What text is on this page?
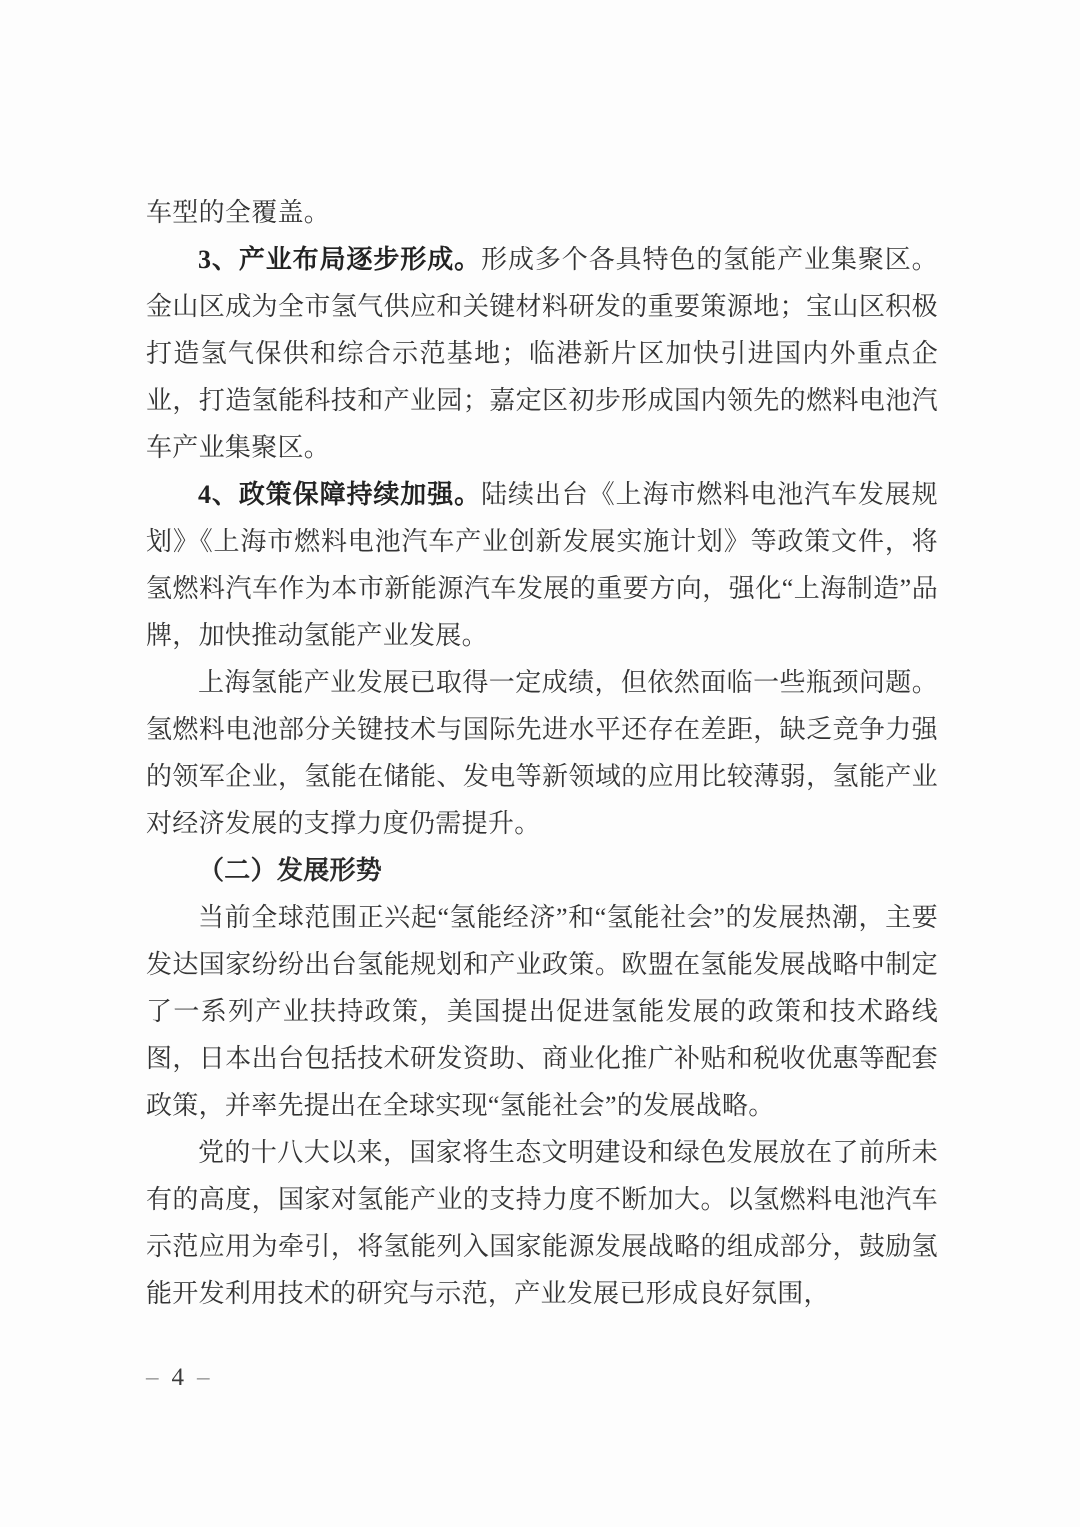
车型的全覆盖。

3、产业布局逐步形成。形成多个各具特色的氢能产业集聚区。金山区成为全市氢气供应和关键材料研发的重要策源地；宝山区积极打造氢气保供和综合示范基地；临港新片区加快引进国内外重点企业，打造氢能科技和产业园；嘉定区初步形成国内领先的燃料电池汽车产业集聚区。

4、政策保障持续加强。陆续出台《上海市燃料电池汽车发展规划》《上海市燃料电池汽车产业创新发展实施计划》等政策文件，将氢燃料汽车作为本市新能源汽车发展的重要方向，强化“上海制造”品牌，加快推动氢能产业发展。

上海氢能产业发展已取得一定成绩，但依然面临一些瓶颈问题。氢燃料电池部分关键技术与国际先进水平还存在差距，缺乏竞争力强的领军企业，氢能在储能、发电等新领域的应用比较薄弱，氢能产业对经济发展的支撑力度仍需提升。

（二）发展形势

当前全球范围正兴起“氢能经济”和“氢能社会”的发展热潮，主要发达国家纷纷出台氢能规划和产业政策。欧盟在氢能发展战略中制定了一系列产业扶持政策，美国提出促进氢能发展的政策和技术路线图，日本出台包括技术研发资助、商业化推广补贴和税收优惠等配套政策，并率先提出在全球实现“氢能社会”的发展战略。

党的十八大以来，国家将生态文明建设和绿色发展放在了前所未有的高度，国家对氢能产业的支持力度不断加大。以氢燃料电池汽车示范应用为牵引，将氢能列入国家能源发展战略的组成部分，鼓励氢能开发利用技术的研究与示范，产业发展已形成良好氛围，

– 4 –
